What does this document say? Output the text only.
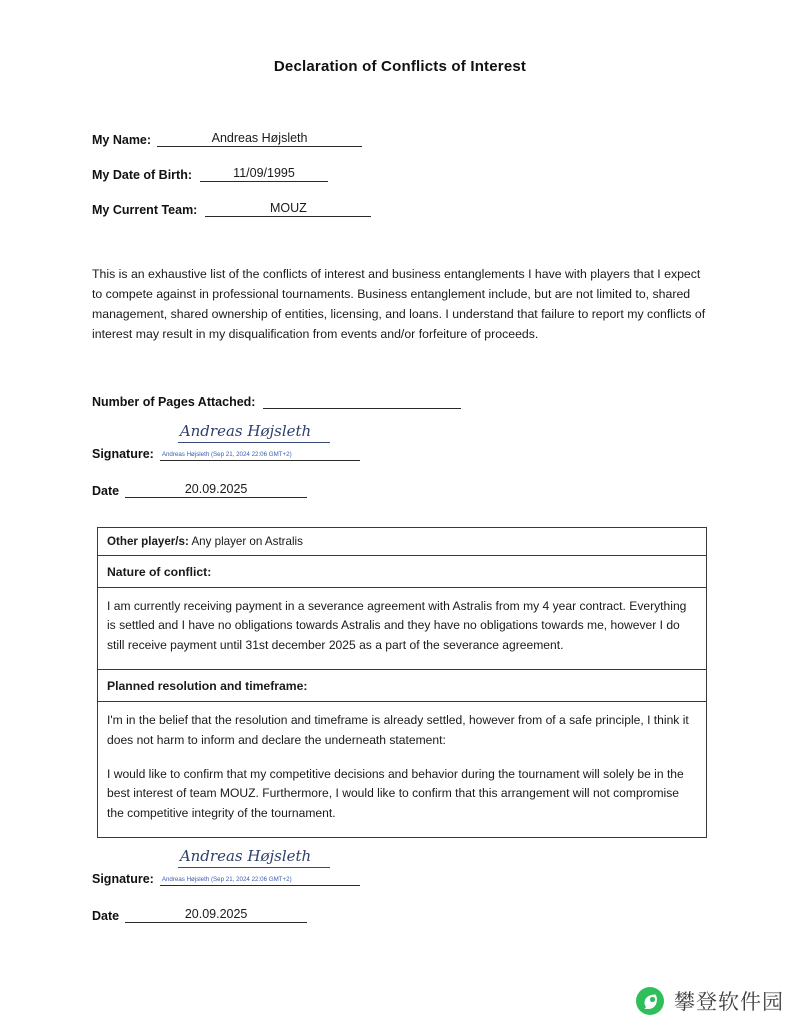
Declaration of Conflicts of Interest
My Name:	Andreas Højsleth
My Date of Birth:	11/09/1995
My Current Team:	MOUZ
This is an exhaustive list of the conflicts of interest and business entanglements I have with players that I expect to compete against in professional tournaments. Business entanglement include, but are not limited to, shared management, shared ownership of entities, licensing, and loans. I understand that failure to report my conflicts of interest may result in my disqualification from events and/or forfeiture of proceeds.
Number of Pages Attached:
Signature:
Andreas Højsleth
Andreas Højsleth (Sep 21, 2024 22:06 GMT+2)
Date	20.09.2025
Other player/s: Any player on Astralis
Nature of conflict:
I am currently receiving payment in a severance agreement with Astralis from my 4 year contract. Everything is settled and I have no obligations towards Astralis and they have no obligations towards me, however I do still receive payment until 31st december 2025 as a part of the severance agreement.
Planned resolution and timeframe:

I'm in the belief that the resolution and timeframe is already settled, however from of a safe principle, I think it does not harm to inform and declare the underneath statement:

I would like to confirm that my competitive decisions and behavior during the tournament will solely be in the best interest of team MOUZ. Furthermore, I would like to confirm that this arrangement will not compromise the competitive integrity of the tournament.

Signature:
Andreas Højsleth
Andreas Højsleth (Sep 21, 2024 22:06 GMT+2)
Date	20.09.2025
攀登软件园
